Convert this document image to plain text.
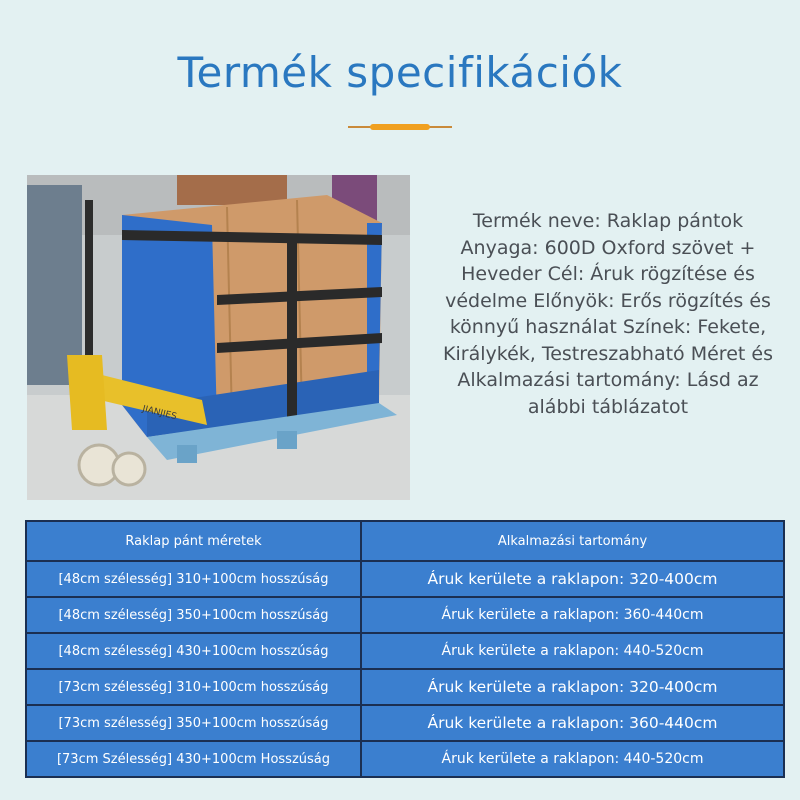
Termék specifikációk
JIANJIES
Termék neve: Raklap pántok Anyaga: 600D Oxford szövet + Heveder Cél: Áruk rögzítése és védelme Előnyök: Erős rögzítés és könnyű használat Színek: Fekete, Királykék, Testreszabható Méret és Alkalmazási tartomány: Lásd az alábbi táblázatot
Raklap pánt méretek	Alkalmazási tartomány
[48cm szélesség] 310+100cm hosszúság	Áruk kerülete a raklapon: 320-400cm
[48cm szélesség] 350+100cm hosszúság	Áruk kerülete a raklapon: 360-440cm
[48cm szélesség] 430+100cm hosszúság	Áruk kerülete a raklapon: 440-520cm
[73cm szélesség] 310+100cm hosszúság	Áruk kerülete a raklapon: 320-400cm
[73cm szélesség] 350+100cm hosszúság	Áruk kerülete a raklapon: 360-440cm
[73cm Szélesség] 430+100cm Hosszúság	Áruk kerülete a raklapon: 440-520cm
